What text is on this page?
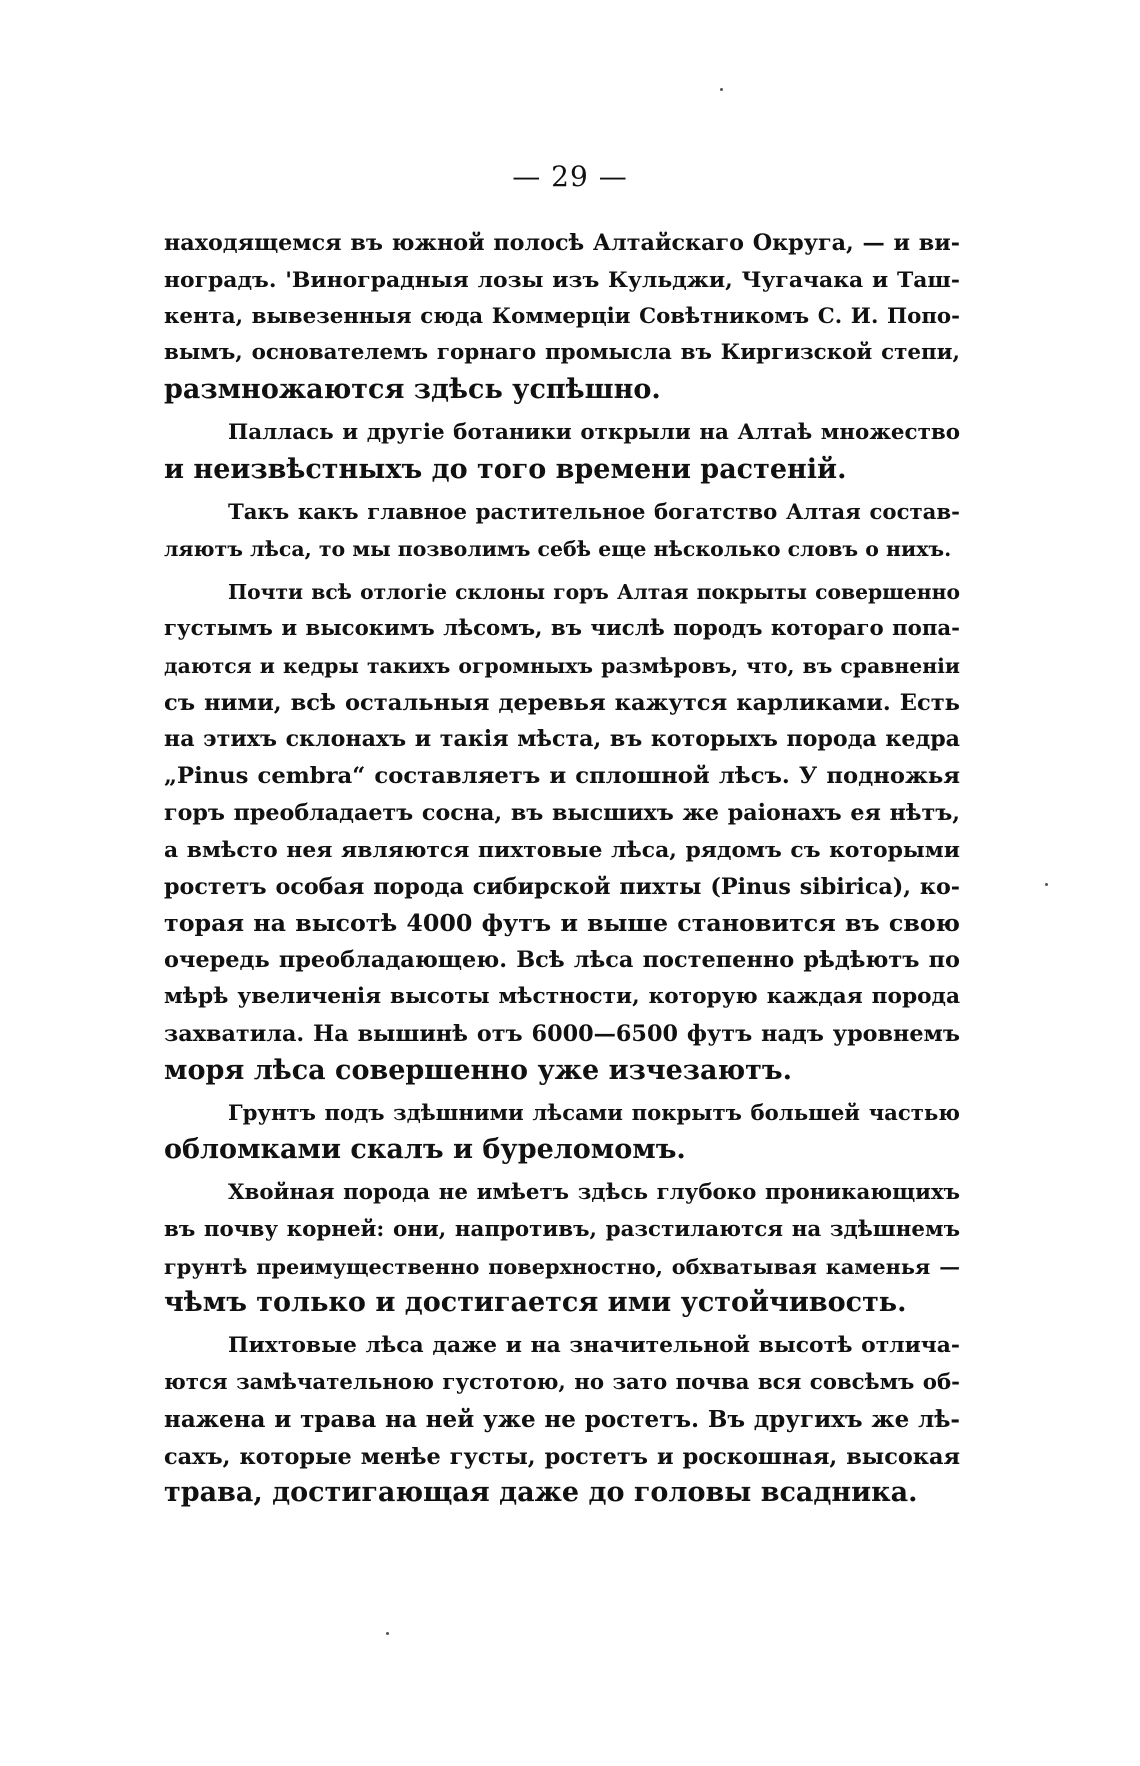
— 29 —
находящемся въ южной полосѣ Алтайскаго Округа, — и ви-
ноградъ. 'Виноградныя лозы изъ Кульджи, Чугачака и Таш-
кента, вывезенныя сюда Коммерціи Совѣтникомъ С. И. Попо-
вымъ, основателемъ горнаго промысла въ Киргизской степи,
размножаются здѣсь успѣшно.
Паллась и другіе ботаники открыли на Алтаѣ множество
и неизвѣстныхъ до того времени растеній.
Такъ какъ главное растительное богатство Алтая состав-
ляютъ лѣса, то мы позволимъ себѣ еще нѣсколько словъ о нихъ.
Почти всѣ отлогіе склоны горъ Алтая покрыты совершенно
густымъ и высокимъ лѣсомъ, въ числѣ породъ котораго попа-
даются и кедры такихъ огромныхъ размѣровъ, что, въ сравненіи
съ ними, всѣ остальныя деревья кажутся карликами. Есть
на этихъ склонахъ и такія мѣста, въ которыхъ порода кедра
„Pinus cembra“ составляетъ и сплошной лѣсъ. У подножья
горъ преобладаетъ сосна, въ высшихъ же раіонахъ ея нѣтъ,
а вмѣсто нея являются пихтовые лѣса, рядомъ съ которыми
ростетъ особая порода сибирской пихты (Pinus sibirica), ко-
торая на высотѣ 4000 футъ и выше становится въ свою
очередь преобладающею. Всѣ лѣса постепенно рѣдѣютъ по
мѣрѣ увеличенія высоты мѣстности, которую каждая порода
захватила. На вышинѣ отъ 6000—6500 футъ надъ уровнемъ
моря лѣса совершенно уже изчезаютъ.
Грунтъ подъ здѣшними лѣсами покрытъ большей частью
обломками скалъ и буреломомъ.
Хвойная порода не имѣетъ здѣсь глубоко проникающихъ
въ почву корней: они, напротивъ, разстилаются на здѣшнемъ
грунтѣ преимущественно поверхностно, обхватывая каменья —
чѣмъ только и достигается ими устойчивость.
Пихтовые лѣса даже и на значительной высотѣ отлича-
ются замѣчательною густотою, но зато почва вся совсѣмъ об-
нажена и трава на ней уже не ростетъ. Въ другихъ же лѣ-
сахъ, которые менѣе густы, ростетъ и роскошная, высокая
трава, достигающая даже до головы всадника.
